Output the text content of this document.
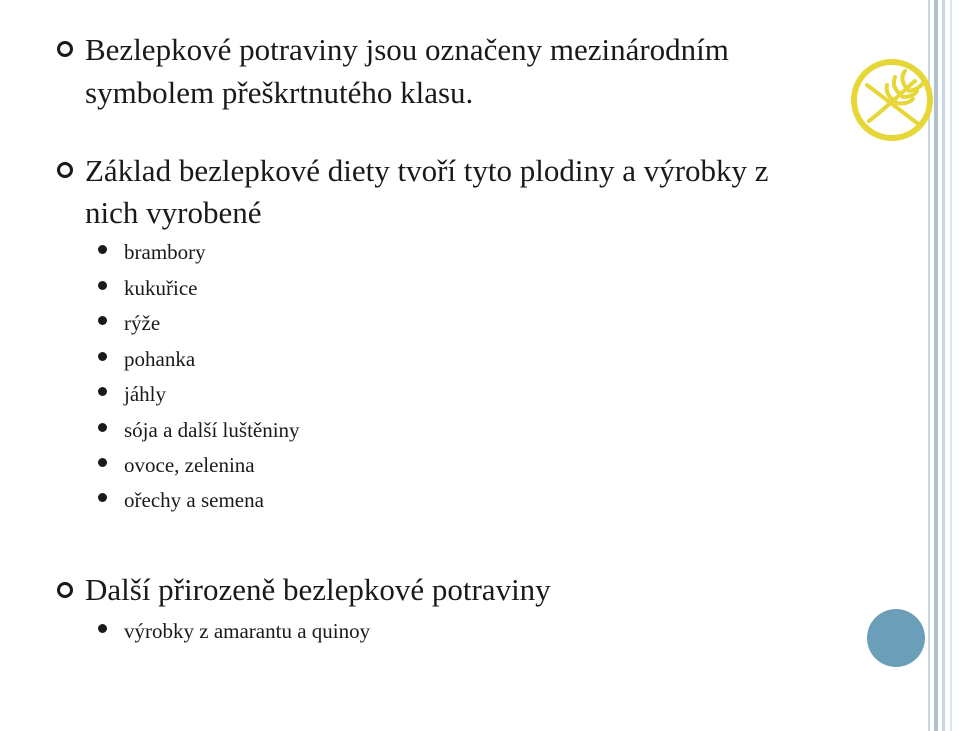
Bezlepkové potraviny jsou označeny mezinárodním

symbolem přeškrtnutého klasu.

Základ bezlepkové diety tvoří tyto plodiny a výrobky z

nich vyrobené

brambory

kukuřice

rýže

pohanka

jáhly

sója a další luštěniny

ovoce, zelenina

ořechy a semena

Další přirozeně bezlepkové potraviny

výrobky z amarantu a quinoy
